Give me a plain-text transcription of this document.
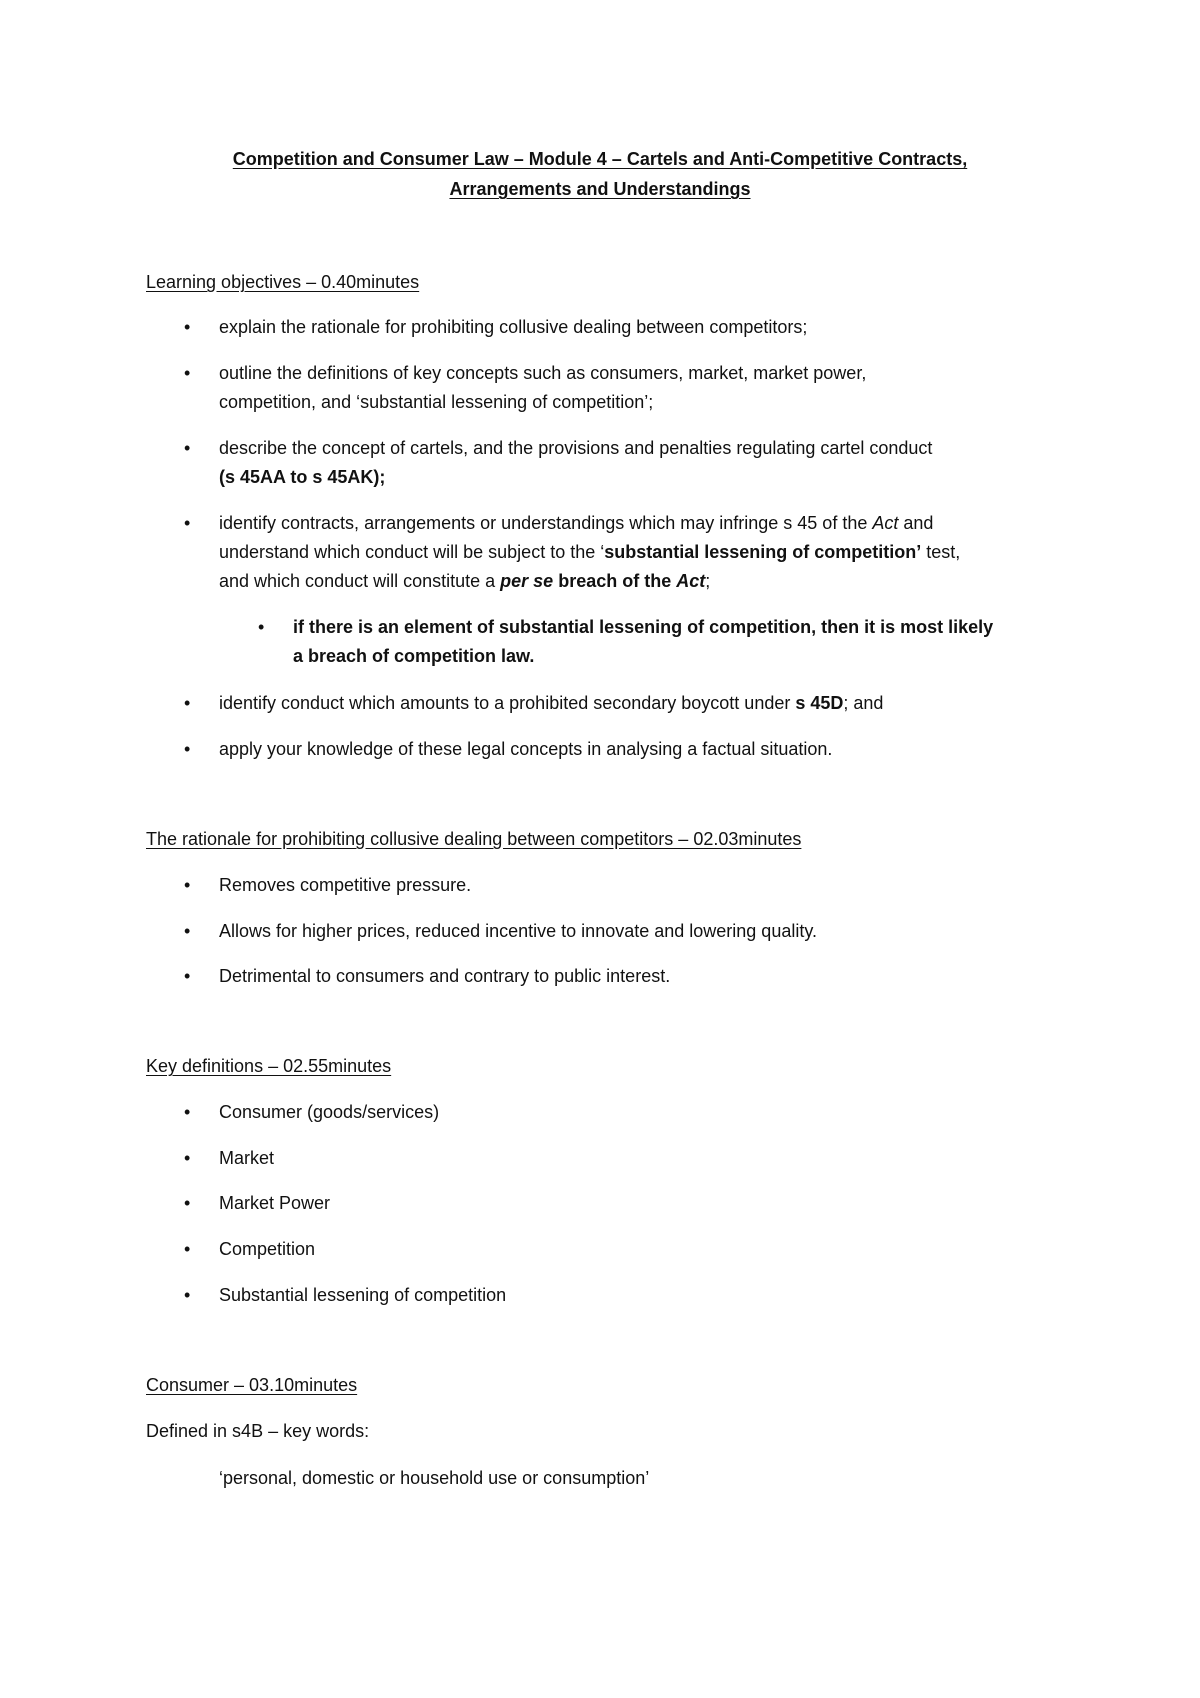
Competition and Consumer Law – Module 4 – Cartels and Anti-Competitive Contracts,
Arrangements and Understandings
Learning objectives – 0.40minutes
• explain the rationale for prohibiting collusive dealing between competitors;
• outline the definitions of key concepts such as consumers, market, market power,
competition, and ‘substantial lessening of competition’;
• describe the concept of cartels, and the provisions and penalties regulating cartel conduct
(s 45AA to s 45AK);
• identify contracts, arrangements or understandings which may infringe s 45 of the Act and
understand which conduct will be subject to the ‘substantial lessening of competition’ test,
and which conduct will constitute a per se breach of the Act;
• if there is an element of substantial lessening of competition, then it is most likely
a breach of competition law.
• identify conduct which amounts to a prohibited secondary boycott under s 45D; and
• apply your knowledge of these legal concepts in analysing a factual situation.
The rationale for prohibiting collusive dealing between competitors – 02.03minutes
• Removes competitive pressure.
• Allows for higher prices, reduced incentive to innovate and lowering quality.
• Detrimental to consumers and contrary to public interest.
Key definitions – 02.55minutes
• Consumer (goods/services)
• Market
• Market Power
• Competition
• Substantial lessening of competition
Consumer – 03.10minutes
Defined in s4B – key words:
‘personal, domestic or household use or consumption’
